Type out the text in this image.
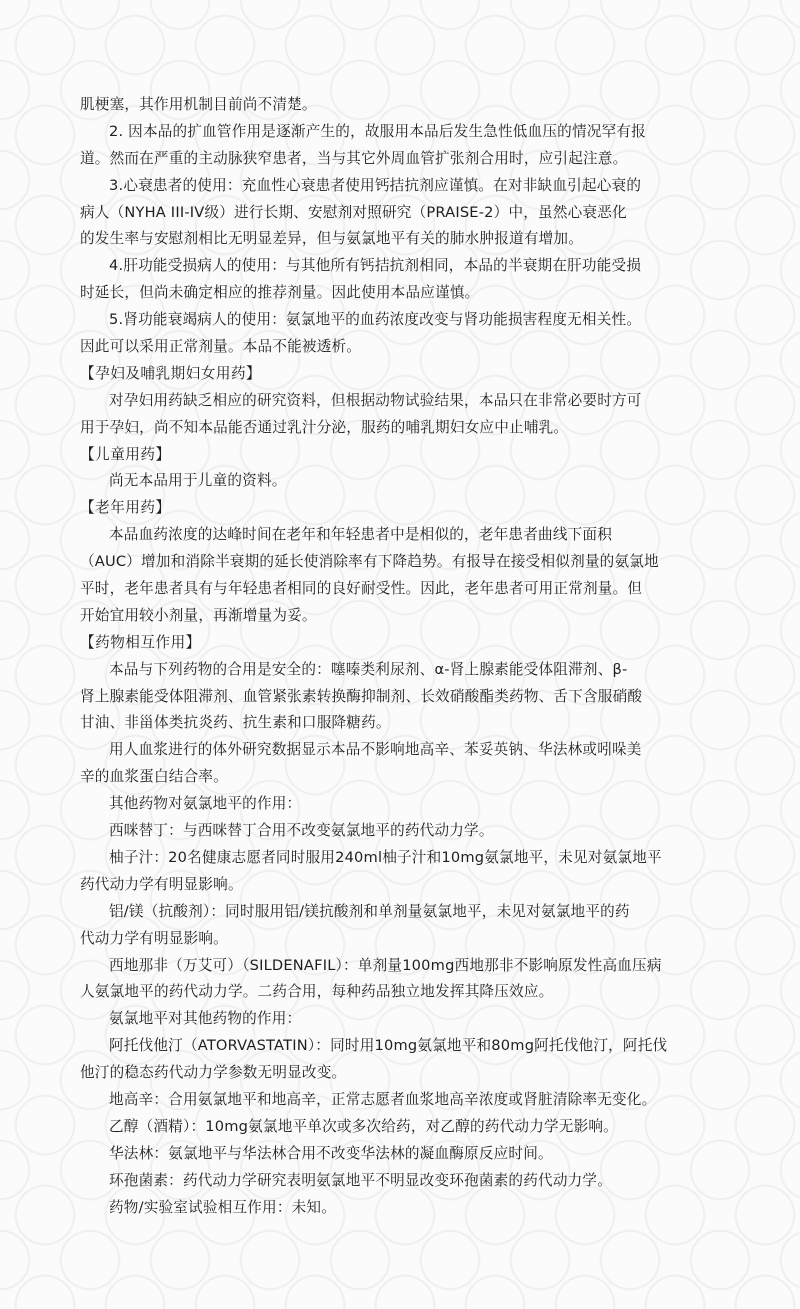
肌梗塞，其作用机制目前尚不清楚。
2. 因本品的扩血管作用是逐渐产生的，故服用本品后发生急性低血压的情况罕有报
道。然而在严重的主动脉狭窄患者，当与其它外周血管扩张剂合用时，应引起注意。
3.心衰患者的使用：充血性心衰患者使用钙拮抗剂应谨慎。在对非缺血引起心衰的
病人（NYHA III-IV级）进行长期、安慰剂对照研究（PRAISE-2）中，虽然心衰恶化
的发生率与安慰剂相比无明显差异，但与氨氯地平有关的肺水肿报道有增加。
4.肝功能受损病人的使用：与其他所有钙拮抗剂相同，本品的半衰期在肝功能受损
时延长，但尚未确定相应的推荐剂量。因此使用本品应谨慎。
5.肾功能衰竭病人的使用：氨氯地平的血药浓度改变与肾功能损害程度无相关性。
因此可以采用正常剂量。本品不能被透析。
【孕妇及哺乳期妇女用药】
对孕妇用药缺乏相应的研究资料，但根据动物试验结果，本品只在非常必要时方可
用于孕妇，尚不知本品能否通过乳汁分泌，服药的哺乳期妇女应中止哺乳。
【儿童用药】
尚无本品用于儿童的资料。
【老年用药】
本品血药浓度的达峰时间在老年和年轻患者中是相似的，老年患者曲线下面积
（AUC）增加和消除半衰期的延长使消除率有下降趋势。有报导在接受相似剂量的氨氯地
平时，老年患者具有与年轻患者相同的良好耐受性。因此，老年患者可用正常剂量。但
开始宜用较小剂量，再渐增量为妥。
【药物相互作用】
本品与下列药物的合用是安全的：噻嗪类利尿剂、α-肾上腺素能受体阻滞剂、β-
肾上腺素能受体阻滞剂、血管紧张素转换酶抑制剂、长效硝酸酯类药物、舌下含服硝酸
甘油、非甾体类抗炎药、抗生素和口服降糖药。
用人血浆进行的体外研究数据显示本品不影响地高辛、苯妥英钠、华法林或吲哚美
辛的血浆蛋白结合率。
其他药物对氨氯地平的作用：
西咪替丁：与西咪替丁合用不改变氨氯地平的药代动力学。
柚子汁：20名健康志愿者同时服用240ml柚子汁和10mg氨氯地平，未见对氨氯地平
药代动力学有明显影响。
铝/镁（抗酸剂）：同时服用铝/镁抗酸剂和单剂量氨氯地平，未见对氨氯地平的药
代动力学有明显影响。
西地那非（万艾可）（SILDENAFIL）：单剂量100mg西地那非不影响原发性高血压病
人氨氯地平的药代动力学。二药合用，每种药品独立地发挥其降压效应。
氨氯地平对其他药物的作用：
阿托伐他汀（ATORVASTATIN）：同时用10mg氨氯地平和80mg阿托伐他汀，阿托伐
他汀的稳态药代动力学参数无明显改变。
地高辛：合用氨氯地平和地高辛，正常志愿者血浆地高辛浓度或肾脏清除率无变化。
乙醇（酒精）：10mg氨氯地平单次或多次给药，对乙醇的药代动力学无影响。
华法林：氨氯地平与华法林合用不改变华法林的凝血酶原反应时间。
环孢菌素：药代动力学研究表明氨氯地平不明显改变环孢菌素的药代动力学。
药物/实验室试验相互作用：未知。
